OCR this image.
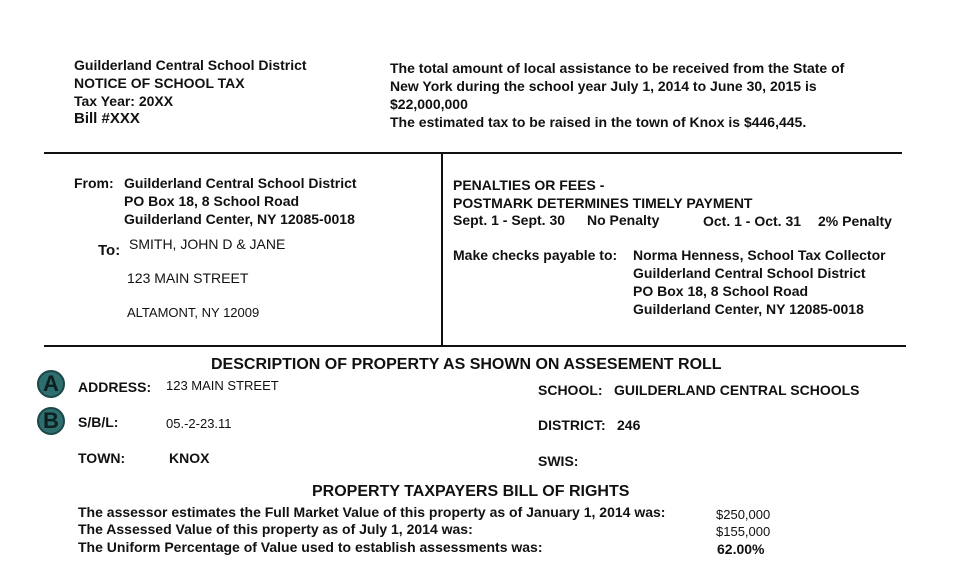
Guilderland Central School District
NOTICE OF SCHOOL TAX
Tax Year: 20XX
Bill #XXX
The total amount of local assistance to be received from the State of
New York during the school year July 1, 2014 to June 30, 2015 is
$22,000,000
The estimated tax to be raised in the town of Knox is $446,445.
From: Guilderland Central School District
PO Box 18, 8 School Road
Guilderland Center, NY 12085-0018
To: SMITH, JOHN D & JANE
123 MAIN STREET
ALTAMONT, NY 12009
PENALTIES OR FEES -
POSTMARK DETERMINES TIMELY PAYMENT
Sept. 1 - Sept. 30 No Penalty	Oct. 1 - Oct. 31 2% Penalty
Make checks payable to: Norma Henness, School Tax Collector
Guilderland Central School District
PO Box 18, 8 School Road
Guilderland Center, NY 12085-0018
DESCRIPTION OF PROPERTY AS SHOWN ON ASSESEMENT ROLL
A
B
ADDRESS: 123 MAIN STREET
S/B/L:	05.-2-23.11
TOWN:	KNOX
SCHOOL: GUILDERLAND CENTRAL SCHOOLS
DISTRICT: 246
SWIS:
PROPERTY TAXPAYERS BILL OF RIGHTS
The assessor estimates the Full Market Value of this property as of January 1, 2014 was:	$250,000
The Assessed Value of this property as of July 1, 2014 was:	$155,000
The Uniform Percentage of Value used to establish assessments was:	62.00%
